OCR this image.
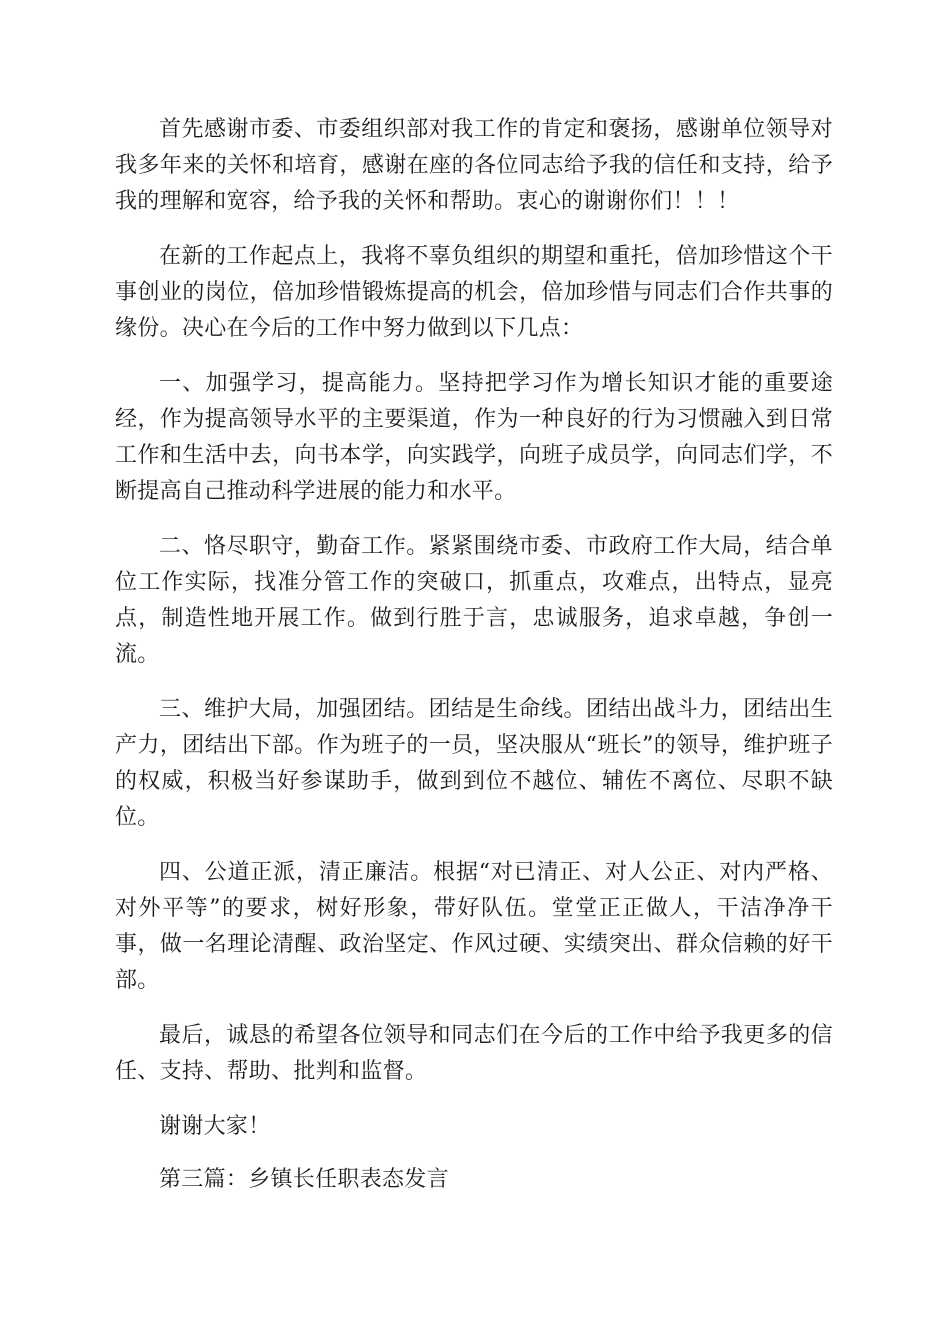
首先感谢市委、市委组织部对我工作的肯定和褒扬，感谢单位领导对我多年来的关怀和培育，感谢在座的各位同志给予我的信任和支持，给予我的理解和宽容，给予我的关怀和帮助。衷心的谢谢你们！！！

在新的工作起点上，我将不辜负组织的期望和重托，倍加珍惜这个干事创业的岗位，倍加珍惜锻炼提高的机会，倍加珍惜与同志们合作共事的缘份。决心在今后的工作中努力做到以下几点：

一、加强学习，提高能力。坚持把学习作为增长知识才能的重要途经，作为提高领导水平的主要渠道，作为一种良好的行为习惯融入到日常工作和生活中去，向书本学，向实践学，向班子成员学，向同志们学，不断提高自己推动科学进展的能力和水平。

二、恪尽职守，勤奋工作。紧紧围绕市委、市政府工作大局，结合单位工作实际，找准分管工作的突破口，抓重点，攻难点，出特点，显亮点，制造性地开展工作。做到行胜于言，忠诚服务，追求卓越，争创一流。

三、维护大局，加强团结。团结是生命线。团结出战斗力，团结出生产力，团结出下部。作为班子的一员，坚决服从“班长”的领导，维护班子的权威，积极当好参谋助手，做到到位不越位、辅佐不离位、尽职不缺位。

四、公道正派，清正廉洁。根据“对已清正、对人公正、对内严格、对外平等”的要求，树好形象，带好队伍。堂堂正正做人，干洁净净干事，做一名理论清醒、政治坚定、作风过硬、实绩突出、群众信赖的好干部。

最后，诚恳的希望各位领导和同志们在今后的工作中给予我更多的信任、支持、帮助、批判和监督。

谢谢大家！

第三篇：乡镇长任职表态发言
